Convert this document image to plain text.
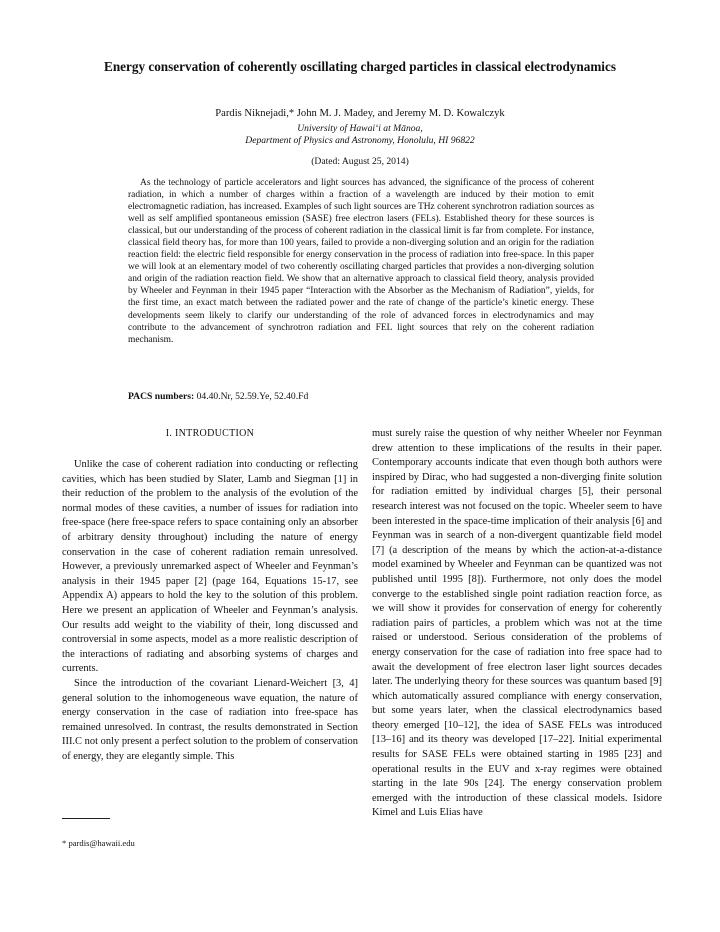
Energy conservation of coherently oscillating charged particles in classical electrodynamics
Pardis Niknejadi,* John M. J. Madey, and Jeremy M. D. Kowalczyk
University of Hawai‘i at Mānoa,
Department of Physics and Astronomy, Honolulu, HI 96822
(Dated: August 25, 2014)
As the technology of particle accelerators and light sources has advanced, the significance of the process of coherent radiation, in which a number of charges within a fraction of a wavelength are induced by their motion to emit electromagnetic radiation, has increased. Examples of such light sources are THz coherent synchrotron radiation sources as well as self amplified spontaneous emission (SASE) free electron lasers (FELs). Established theory for these sources is classical, but our understanding of the process of coherent radiation in the classical limit is far from complete. For instance, classical field theory has, for more than 100 years, failed to provide a non-diverging solution and an origin for the radiation reaction field: the electric field responsible for energy conservation in the process of radiation into free-space. In this paper we will look at an elementary model of two coherently oscillating charged particles that provides a non-diverging solution and origin of the radiation reaction field. We show that an alternative approach to classical field theory, analysis provided by Wheeler and Feynman in their 1945 paper “Interaction with the Absorber as the Mechanism of Radiation”, yields, for the first time, an exact match between the radiated power and the rate of change of the particle’s kinetic energy. These developments seem likely to clarify our understanding of the role of advanced forces in electrodynamics and may contribute to the advancement of synchrotron radiation and FEL light sources that rely on the coherent radiation mechanism.
PACS numbers: 04.40.Nr, 52.59.Ye, 52.40.Fd
I. INTRODUCTION

Unlike the case of coherent radiation into conducting or reflecting cavities, which has been studied by Slater, Lamb and Siegman [1] in their reduction of the problem to the analysis of the evolution of the normal modes of these cavities, a number of issues for radiation into free-space (here free-space refers to space containing only an absorber of arbitrary density throughout) including the nature of energy conservation in the case of coherent radiation remain unresolved. However, a previously unremarked aspect of Wheeler and Feynman’s analysis in their 1945 paper [2] (page 164, Equations 15-17, see Appendix A) appears to hold the key to the solution of this problem. Here we present an application of Wheeler and Feynman’s analysis. Our results add weight to the viability of their, long discussed and controversial in some aspects, model as a more realistic description of the interactions of radiating and absorbing systems of charges and currents.

Since the introduction of the covariant Lienard-Weichert [3, 4] general solution to the inhomogeneous wave equation, the nature of energy conservation in the case of radiation into free-space has remained unresolved. In contrast, the results demonstrated in Section III.C not only present a perfect solution to the problem of conservation of energy, they are elegantly simple. This

must surely raise the question of why neither Wheeler nor Feynman drew attention to these implications of the results in their paper. Contemporary accounts indicate that even though both authors were inspired by Dirac, who had suggested a non-diverging finite solution for radiation emitted by individual charges [5], their personal research interest was not focused on the topic. Wheeler seem to have been interested in the space-time implication of their analysis [6] and Feynman was in search of a non-divergent quantizable field model [7] (a description of the means by which the action-at-a-distance model examined by Wheeler and Feynman can be quantized was not published until 1995 [8]). Furthermore, not only does the model converge to the established single point radiation reaction force, as we will show it provides for conservation of energy for coherently radiation pairs of particles, a problem which was not at the time raised or understood. Serious consideration of the problems of energy conservation for the case of radiation into free space had to await the development of free electron laser light sources decades later. The underlying theory for these sources was quantum based [9] which automatically assured compliance with energy conservation, but some years later, when the classical electrodynamics based theory emerged [10–12], the idea of SASE FELs was introduced [13–16] and its theory was developed [17–22]. Initial experimental results for SASE FELs were obtained starting in 1985 [23] and operational results in the EUV and x-ray regimes were obtained starting in the late 90s [24]. The energy conservation problem emerged with the introduction of these classical models. Isidore Kimel and Luis Elias have

* pardis@hawaii.edu
